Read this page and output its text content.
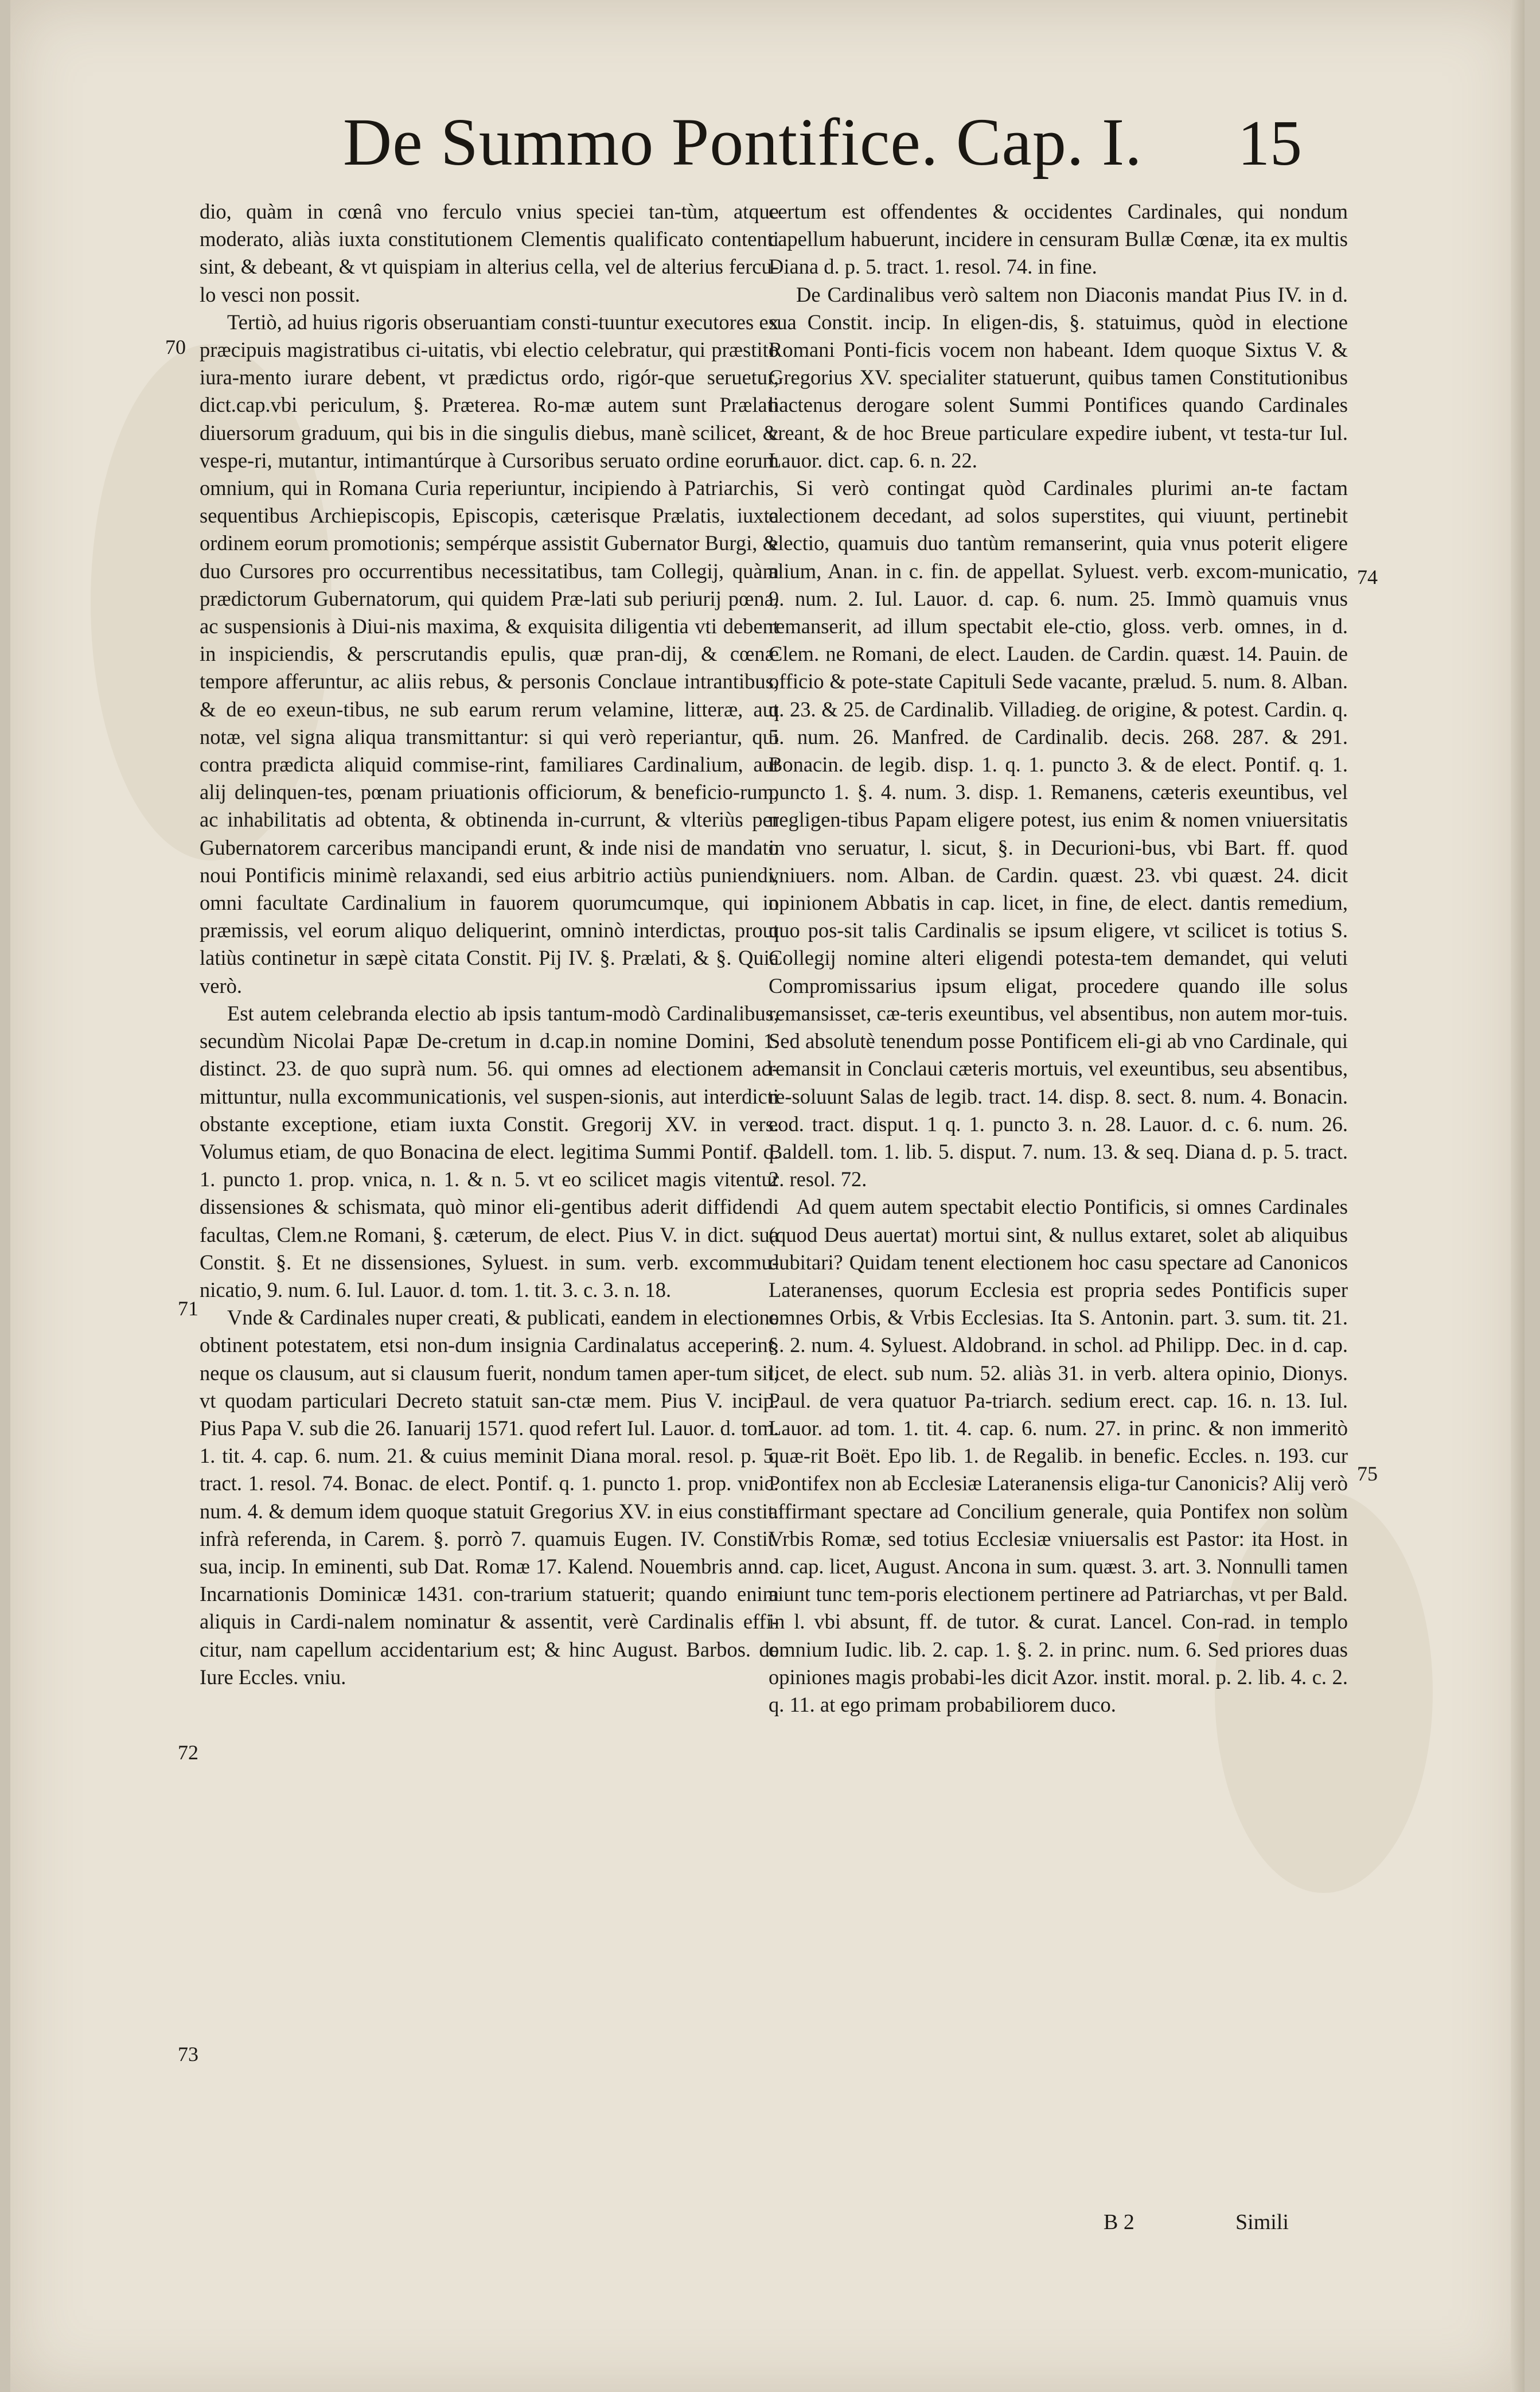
De Summo Pontifice. Cap. I. 15
70
71
72
73
74
75

dio, quàm in cœnâ vno ferculo vnius speciei tan-tùm, atque moderato, aliàs iuxta constitutionem Clementis qualificato contenti sint, & debeant, & vt quispiam in alterius cella, vel de alterius fercu-lo vesci non possit.

Tertiò, ad huius rigoris obseruantiam consti-tuuntur executores ex præcipuis magistratibus ci-uitatis, vbi electio celebratur, qui præstito iura-mento iurare debent, vt prædictus ordo, rigór-que seruetur, dict.cap.vbi periculum, §. Præterea. Ro-mæ autem sunt Prælati diuersorum graduum, qui bis in die singulis diebus, manè scilicet, & vespe-ri, mutantur, intimantúrque à Cursoribus seruato ordine eorum omnium, qui in Romana Curia reperiuntur, incipiendo à Patriarchis, sequentibus Archiepiscopis, Episcopis, cæterisque Prælatis, iuxta ordinem eorum promotionis; sempérque assistit Gubernator Burgi, & duo Cursores pro occurrentibus necessitatibus, tam Collegij, quàm prædictorum Gubernatorum, qui quidem Præ-lati sub periurij pœna, ac suspensionis à Diui-nis maxima, & exquisita diligentia vti debent in inspiciendis, & perscrutandis epulis, quæ pran-dij, & cœnæ tempore afferuntur, ac aliis rebus, & personis Conclaue intrantibus, & de eo exeun-tibus, ne sub earum rerum velamine, litteræ, aut notæ, vel signa aliqua transmittantur: si qui verò reperiantur, qui contra prædicta aliquid commise-rint, familiares Cardinalium, aut alij delinquen-tes, pœnam priuationis officiorum, & beneficio-rum, ac inhabilitatis ad obtenta, & obtinenda in-currunt, & vlteriùs per Gubernatorem carceribus mancipandi erunt, & inde nisi de mandato noui Pontificis minimè relaxandi, sed eius arbitrio actiùs puniendi, omni facultate Cardinalium in fauorem quorumcumque, qui in præmissis, vel eorum aliquo deliquerint, omninò interdictas, prout latiùs continetur in sæpè citata Constit. Pij IV. §. Prælati, & §. Quia verò.

Est autem celebranda electio ab ipsis tantum-modò Cardinalibus, secundùm Nicolai Papæ De-cretum in d.cap.in nomine Domini, 1. distinct. 23. de quo suprà num. 56. qui omnes ad electionem ad-mittuntur, nulla excommunicationis, vel suspen-sionis, aut interdicti obstante exceptione, etiam iuxta Constit. Gregorij XV. in vers. Volumus etiam, de quo Bonacina de elect. legitima Summi Pontif. q. 1. puncto 1. prop. vnica, n. 1. & n. 5. vt eo scilicet magis vitentur dissensiones & schismata, quò minor eli-gentibus aderit diffidendi facultas, Clem.ne Romani, §. cæterum, de elect. Pius V. in dict. sua Constit. §. Et ne dissensiones, Syluest. in sum. verb. excommu-nicatio, 9. num. 6. Iul. Lauor. d. tom. 1. tit. 3. c. 3. n. 18.

Vnde & Cardinales nuper creati, & publicati, eandem in electione obtinent potestatem, etsi non-dum insignia Cardinalatus acceperint, neque os clausum, aut si clausum fuerit, nondum tamen aper-tum sit, vt quodam particulari Decreto statuit san-ctæ mem. Pius V. incip. Pius Papa V. sub die 26. Ianuarij 1571. quod refert Iul. Lauor. d. tom. 1. tit. 4. cap. 6. num. 21. & cuius meminit Diana moral. resol. p. 5. tract. 1. resol. 74. Bonac. de elect. Pontif. q. 1. puncto 1. prop. vnic. num. 4. & demum idem quoque statuit Gregorius XV. in eius constit. infrà referenda, in Carem. §. porrò 7. quamuis Eugen. IV. Constit. sua, incip. In eminenti, sub Dat. Romæ 17. Kalend. Nouembris anno Incarnationis Dominicæ 1431. con-trarium statuerit; quando enim aliquis in Cardi-nalem nominatur & assentit, verè Cardinalis effi-citur, nam capellum accidentarium est; & hinc August. Barbos. de Iure Eccles. vniu.

certum est offendentes & occidentes Cardinales, qui nondum capellum habuerunt, incidere in censuram Bullæ Cœnæ, ita ex multis Diana d. p. 5. tract. 1. resol. 74. in fine.

De Cardinalibus verò saltem non Diaconis mandat Pius IV. in d. sua Constit. incip. In eligen-dis, §. statuimus, quòd in electione Romani Ponti-ficis vocem non habeant. Idem quoque Sixtus V. & Gregorius XV. specialiter statuerunt, quibus tamen Constitutionibus hactenus derogare solent Summi Pontifices quando Cardinales creant, & de hoc Breue particulare expedire iubent, vt testa-tur Iul. Lauor. dict. cap. 6. n. 22.

Si verò contingat quòd Cardinales plurimi an-te factam electionem decedant, ad solos superstites, qui viuunt, pertinebit electio, quamuis duo tantùm remanserint, quia vnus poterit eligere alium, Anan. in c. fin. de appellat. Syluest. verb. excom-municatio, 9. num. 2. Iul. Lauor. d. cap. 6. num. 25. Immò quamuis vnus remanserit, ad illum spectabit ele-ctio, gloss. verb. omnes, in d. Clem. ne Romani, de elect. Lauden. de Cardin. quæst. 14. Pauin. de officio & pote-state Capituli Sede vacante, prælud. 5. num. 8. Alban. q. 23. & 25. de Cardinalib. Villadieg. de origine, & potest. Cardin. q. 5. num. 26. Manfred. de Cardinalib. decis. 268. 287. & 291. Bonacin. de legib. disp. 1. q. 1. puncto 3. & de elect. Pontif. q. 1. puncto 1. §. 4. num. 3. disp. 1. Remanens, cæteris exeuntibus, vel negligen-tibus Papam eligere potest, ius enim & nomen vniuersitatis in vno seruatur, l. sicut, §. in Decurioni-bus, vbi Bart. ff. quod vniuers. nom. Alban. de Cardin. quæst. 23. vbi quæst. 24. dicit opinionem Abbatis in cap. licet, in fine, de elect. dantis remedium, quo pos-sit talis Cardinalis se ipsum eligere, vt scilicet is totius S. Collegij nomine alteri eligendi potesta-tem demandet, qui veluti Compromissarius ipsum eligat, procedere quando ille solus remansisset, cæ-teris exeuntibus, vel absentibus, non autem mor-tuis. Sed absolutè tenendum posse Pontificem eli-gi ab vno Cardinale, qui remansit in Conclaui cæteris mortuis, vel exeuntibus, seu absentibus, re-soluunt Salas de legib. tract. 14. disp. 8. sect. 8. num. 4. Bonacin. eod. tract. disput. 1 q. 1. puncto 3. n. 28. Lauor. d. c. 6. num. 26. Baldell. tom. 1. lib. 5. disput. 7. num. 13. & seq. Diana d. p. 5. tract. 2. resol. 72.

Ad quem autem spectabit electio Pontificis, si omnes Cardinales (quod Deus auertat) mortui sint, & nullus extaret, solet ab aliquibus dubitari? Quidam tenent electionem hoc casu spectare ad Canonicos Lateranenses, quorum Ecclesia est propria sedes Pontificis super omnes Orbis, & Vrbis Ecclesias. Ita S. Antonin. part. 3. sum. tit. 21. §. 2. num. 4. Syluest. Aldobrand. in schol. ad Philipp. Dec. in d. cap. licet, de elect. sub num. 52. aliàs 31. in verb. altera opinio, Dionys. Paul. de vera quatuor Pa-triarch. sedium erect. cap. 16. n. 13. Iul. Lauor. ad tom. 1. tit. 4. cap. 6. num. 27. in princ. & non immeritò quæ-rit Boët. Epo lib. 1. de Regalib. in benefic. Eccles. n. 193. cur Pontifex non ab Ecclesiæ Lateranensis eliga-tur Canonicis? Alij verò affirmant spectare ad Concilium generale, quia Pontifex non solùm Vrbis Romæ, sed totius Ecclesiæ vniuersalis est Pastor: ita Host. in d. cap. licet, August. Ancona in sum. quæst. 3. art. 3. Nonnulli tamen aiunt tunc tem-poris electionem pertinere ad Patriarchas, vt per Bald. in l. vbi absunt, ff. de tutor. & curat. Lancel. Con-rad. in templo omnium Iudic. lib. 2. cap. 1. §. 2. in princ. num. 6. Sed priores duas opiniones magis probabi-les dicit Azor. instit. moral. p. 2. lib. 4. c. 2. q. 11. at ego primam probabiliorem duco.

B 2	Simili
